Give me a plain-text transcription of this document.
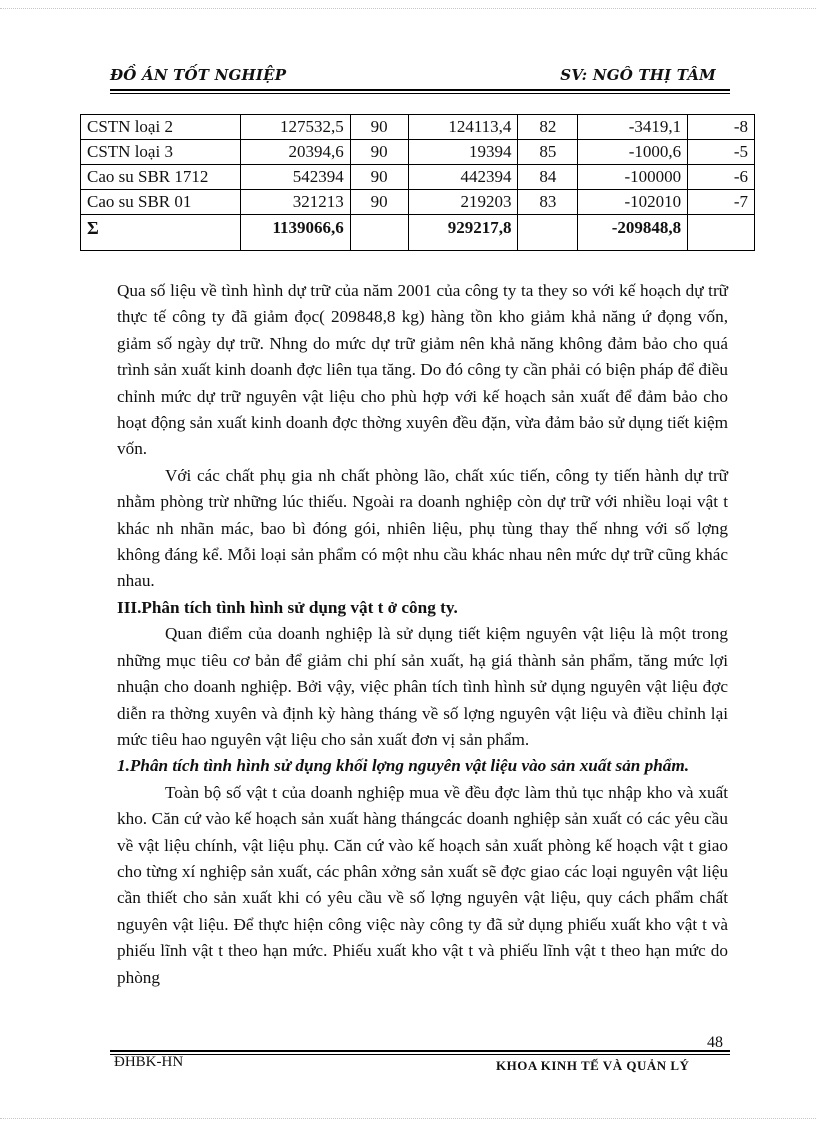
ĐỒ ÁN TỐT NGHIỆP	SV: NGÔ THỊ TÂM
CSTN loại 2	127532,5	90	124113,4	82	-3419,1	-8
CSTN loại 3	20394,6	90	19394	85	-1000,6	-5
Cao su SBR 1712	542394	90	442394	84	-100000	-6
Cao su SBR 01	321213	90	219203	83	-102010	-7
Σ	1139066,6		929217,8		-209848,8	

Qua số liệu về tình hình dự trữ của năm 2001 của công ty ta they so với kế hoạch dự trữ thực tế công ty đã giảm đọc( 209848,8 kg) hàng tồn kho giảm khả năng ứ đọng vốn, giảm số ngày dự trữ. Nhng do mức dự trữ giảm nên khả năng không đảm bảo cho quá trình sản xuất kinh doanh đợc liên tụa tăng. Do đó công ty cần phải có biện pháp để điều chỉnh mức dự trữ nguyên vật liệu cho phù hợp với kế hoạch sản xuất để đảm bảo cho hoạt động sản xuất kinh doanh đợc thờng xuyên đều đặn, vừa đảm bảo sử dụng tiết kiệm vốn.

Với các chất phụ gia nh chất phòng lão, chất xúc tiến, công ty tiến hành dự trữ nhằm phòng trừ những lúc thiếu. Ngoài ra doanh nghiệp còn dự trữ với nhiều loại vật t khác nh nhãn mác, bao bì đóng gói, nhiên liệu, phụ tùng thay thế nhng với số lợng không đáng kể. Mỗi loại sản phẩm có một nhu cầu khác nhau nên mức dự trữ cũng khác nhau.

III.Phân tích tình hình sử dụng vật t ở công ty.

Quan điểm của doanh nghiệp là sử dụng tiết kiệm nguyên vật liệu là một trong những mục tiêu cơ bản để giảm chi phí sản xuất, hạ giá thành sản phẩm, tăng mức lợi nhuận cho doanh nghiệp. Bởi vậy, việc phân tích tình hình sử dụng nguyên vật liệu đợc diễn ra thờng xuyên và định kỳ hàng tháng về số lợng nguyên vật liệu và điều chỉnh lại mức tiêu hao nguyên vật liệu cho sản xuất đơn vị sản phẩm.

1.Phân tích tình hình sử dụng khối lợng nguyên vật liệu vào sản xuất sản phẩm.

Toàn bộ số vật t của doanh nghiệp mua về đều đợc làm thủ tục nhập kho và xuất kho. Căn cứ vào kế hoạch sản xuất hàng thángcác doanh nghiệp sản xuất có các yêu cầu về vật liệu chính, vật liệu phụ. Căn cứ vào kế hoạch sản xuất phòng kế hoạch vật t giao cho từng xí nghiệp sản xuất, các phân xởng sản xuất sẽ đợc giao các loại nguyên vật liệu cần thiết cho sản xuất khi có yêu cầu về số lợng nguyên vật liệu, quy cách phẩm chất nguyên vật liệu. Để thực hiện công việc này công ty đã sử dụng phiếu xuất kho vật t và phiếu lĩnh vật t theo hạn mức. Phiếu xuất kho vật t và phiếu lĩnh vật t theo hạn mức do phòng

48
ĐHBK-HN	KHOA KINH TẾ VÀ QUẢN LÝ
